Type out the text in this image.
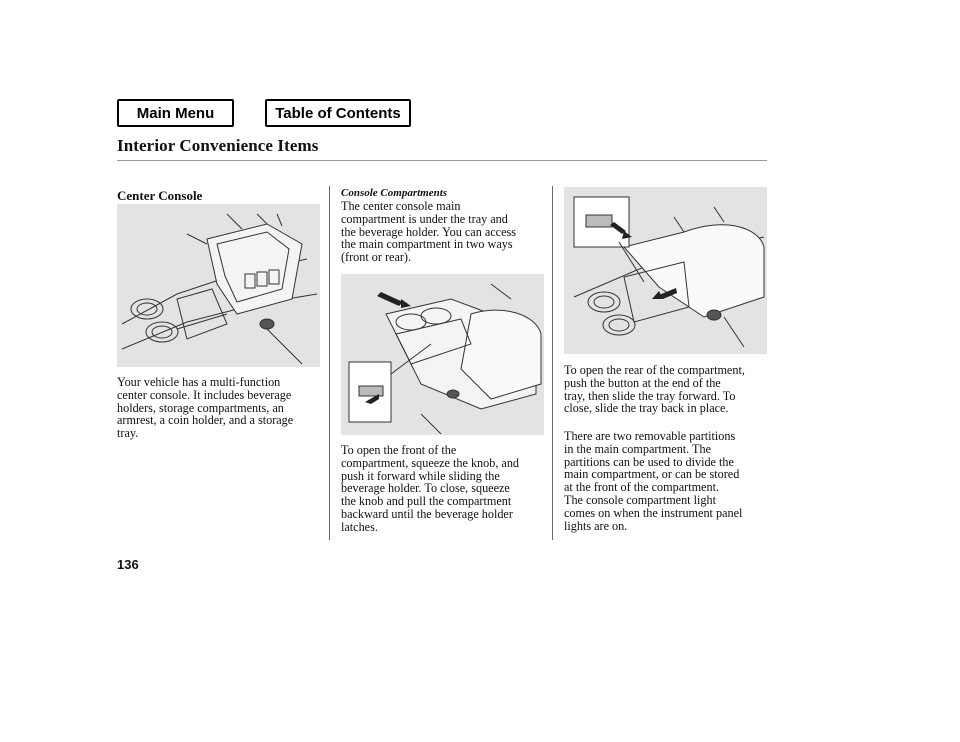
Main Menu	Table of Contents
Interior Convenience Items
Center Console
Your vehicle has a multi-function
center console. It includes beverage
holders, storage compartments, an
armrest, a coin holder, and a storage
tray.
Console Compartments
The center console main
compartment is under the tray and
the beverage holder. You can access
the main compartment in two ways
(front or rear).
To open the front of the
compartment, squeeze the knob, and
push it forward while sliding the
beverage holder. To close, squeeze
the knob and pull the compartment
backward until the beverage holder
latches.
To open the rear of the compartment,
push the button at the end of the
tray, then slide the tray forward. To
close, slide the tray back in place.
There are two removable partitions
in the main compartment. The
partitions can be used to divide the
main compartment, or can be stored
at the front of the compartment.
The console compartment light
comes on when the instrument panel
lights are on.
136
